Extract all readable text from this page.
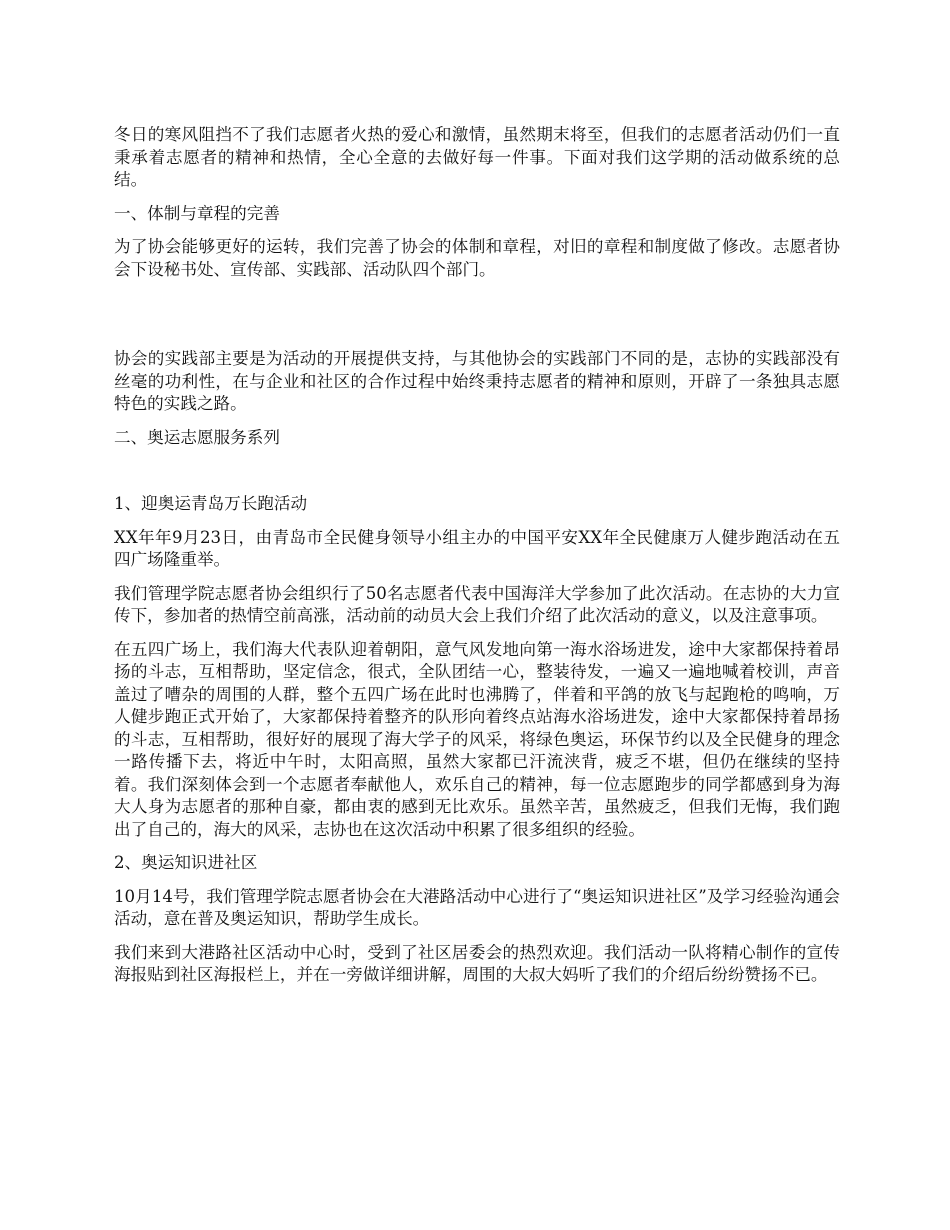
冬日的寒风阻挡不了我们志愿者火热的爱心和激情，虽然期末将至，但我们的志愿者活动仍们一直秉承着志愿者的精神和热情，全心全意的去做好每一件事。下面对我们这学期的活动做系统的总结。

一、体制与章程的完善

为了协会能够更好的运转，我们完善了协会的体制和章程，对旧的章程和制度做了修改。志愿者协会下设秘书处、宣传部、实践部、活动队四个部门。

协会的实践部主要是为活动的开展提供支持，与其他协会的实践部门不同的是，志协的实践部没有丝毫的功利性，在与企业和社区的合作过程中始终秉持志愿者的精神和原则，开辟了一条独具志愿特色的实践之路。

二、奥运志愿服务系列

1、迎奥运青岛万长跑活动

XX年年9月23日，由青岛市全民健身领导小组主办的中国平安XX年全民健康万人健步跑活动在五四广场隆重举。

我们管理学院志愿者协会组织行了50名志愿者代表中国海洋大学参加了此次活动。在志协的大力宣传下，参加者的热情空前高涨，活动前的动员大会上我们介绍了此次活动的意义，以及注意事项。

在五四广场上，我们海大代表队迎着朝阳，意气风发地向第一海水浴场进发，途中大家都保持着昂扬的斗志，互相帮助，坚定信念，很式，全队团结一心，整装待发，一遍又一遍地喊着校训，声音盖过了嘈杂的周围的人群，整个五四广场在此时也沸腾了，伴着和平鸽的放飞与起跑枪的鸣响，万人健步跑正式开始了，大家都保持着整齐的队形向着终点站海水浴场进发，途中大家都保持着昂扬的斗志，互相帮助，很好好的展现了海大学子的风采，将绿色奥运，环保节约以及全民健身的理念一路传播下去，将近中午时，太阳高照，虽然大家都已汗流浃背，疲乏不堪，但仍在继续的坚持着。我们深刻体会到一个志愿者奉献他人，欢乐自己的精神，每一位志愿跑步的同学都感到身为海大人身为志愿者的那种自豪，都由衷的感到无比欢乐。虽然辛苦，虽然疲乏，但我们无悔，我们跑出了自己的，海大的风采，志协也在这次活动中积累了很多组织的经验。

2、奥运知识进社区

10月14号，我们管理学院志愿者协会在大港路活动中心进行了“奥运知识进社区”及学习经验沟通会活动，意在普及奥运知识，帮助学生成长。

我们来到大港路社区活动中心时，受到了社区居委会的热烈欢迎。我们活动一队将精心制作的宣传海报贴到社区海报栏上，并在一旁做详细讲解，周围的大叔大妈听了我们的介绍后纷纷赞扬不已。
